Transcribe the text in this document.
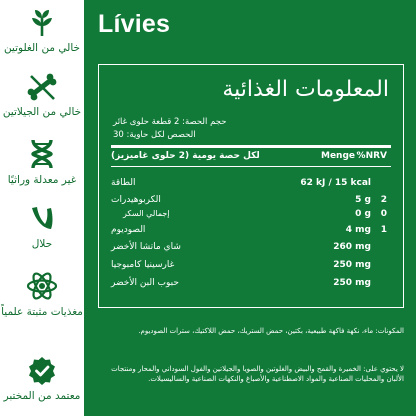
خالي من الغلوتين
خالي من الجيلاتين
غير معدلة وراثيًا
حلال
مغذيات مثبتة علمياً
معتمد من المختبر
Lívies
المعلومات الغذائية
حجم الحصة: 2 قطعة حلوى غائر
الحصص لكل حاوية: 30
لكل حصة يومية (2 حلوى غاميزيز)	Menge %NRV
الطاقة	62 kJ / 15 kcal
الكربوهيدرات	5 g	2
إجمالي السكر	0 g	0
الصوديوم	4 mg	1
شاي ماتشا الأخضر	260 mg
غارسينيا كامبوجيا	250 mg
حبوب البن الأخضر	250 mg
المكونات: ماء، نكهة فاكهة طبيعية، بكتين، حمض الستريك، حمض اللاكتيك، سترات الصوديوم.
لا يحتوي على: الخميرة والقمح والبيض والغلوتين والصويا والجيلاتين والفول السوداني والمحار ومنتجات الألبان والمحليات الصناعية والمواد الاصطناعية والأصباغ والنكهات الصناعية والساليسيلات.
